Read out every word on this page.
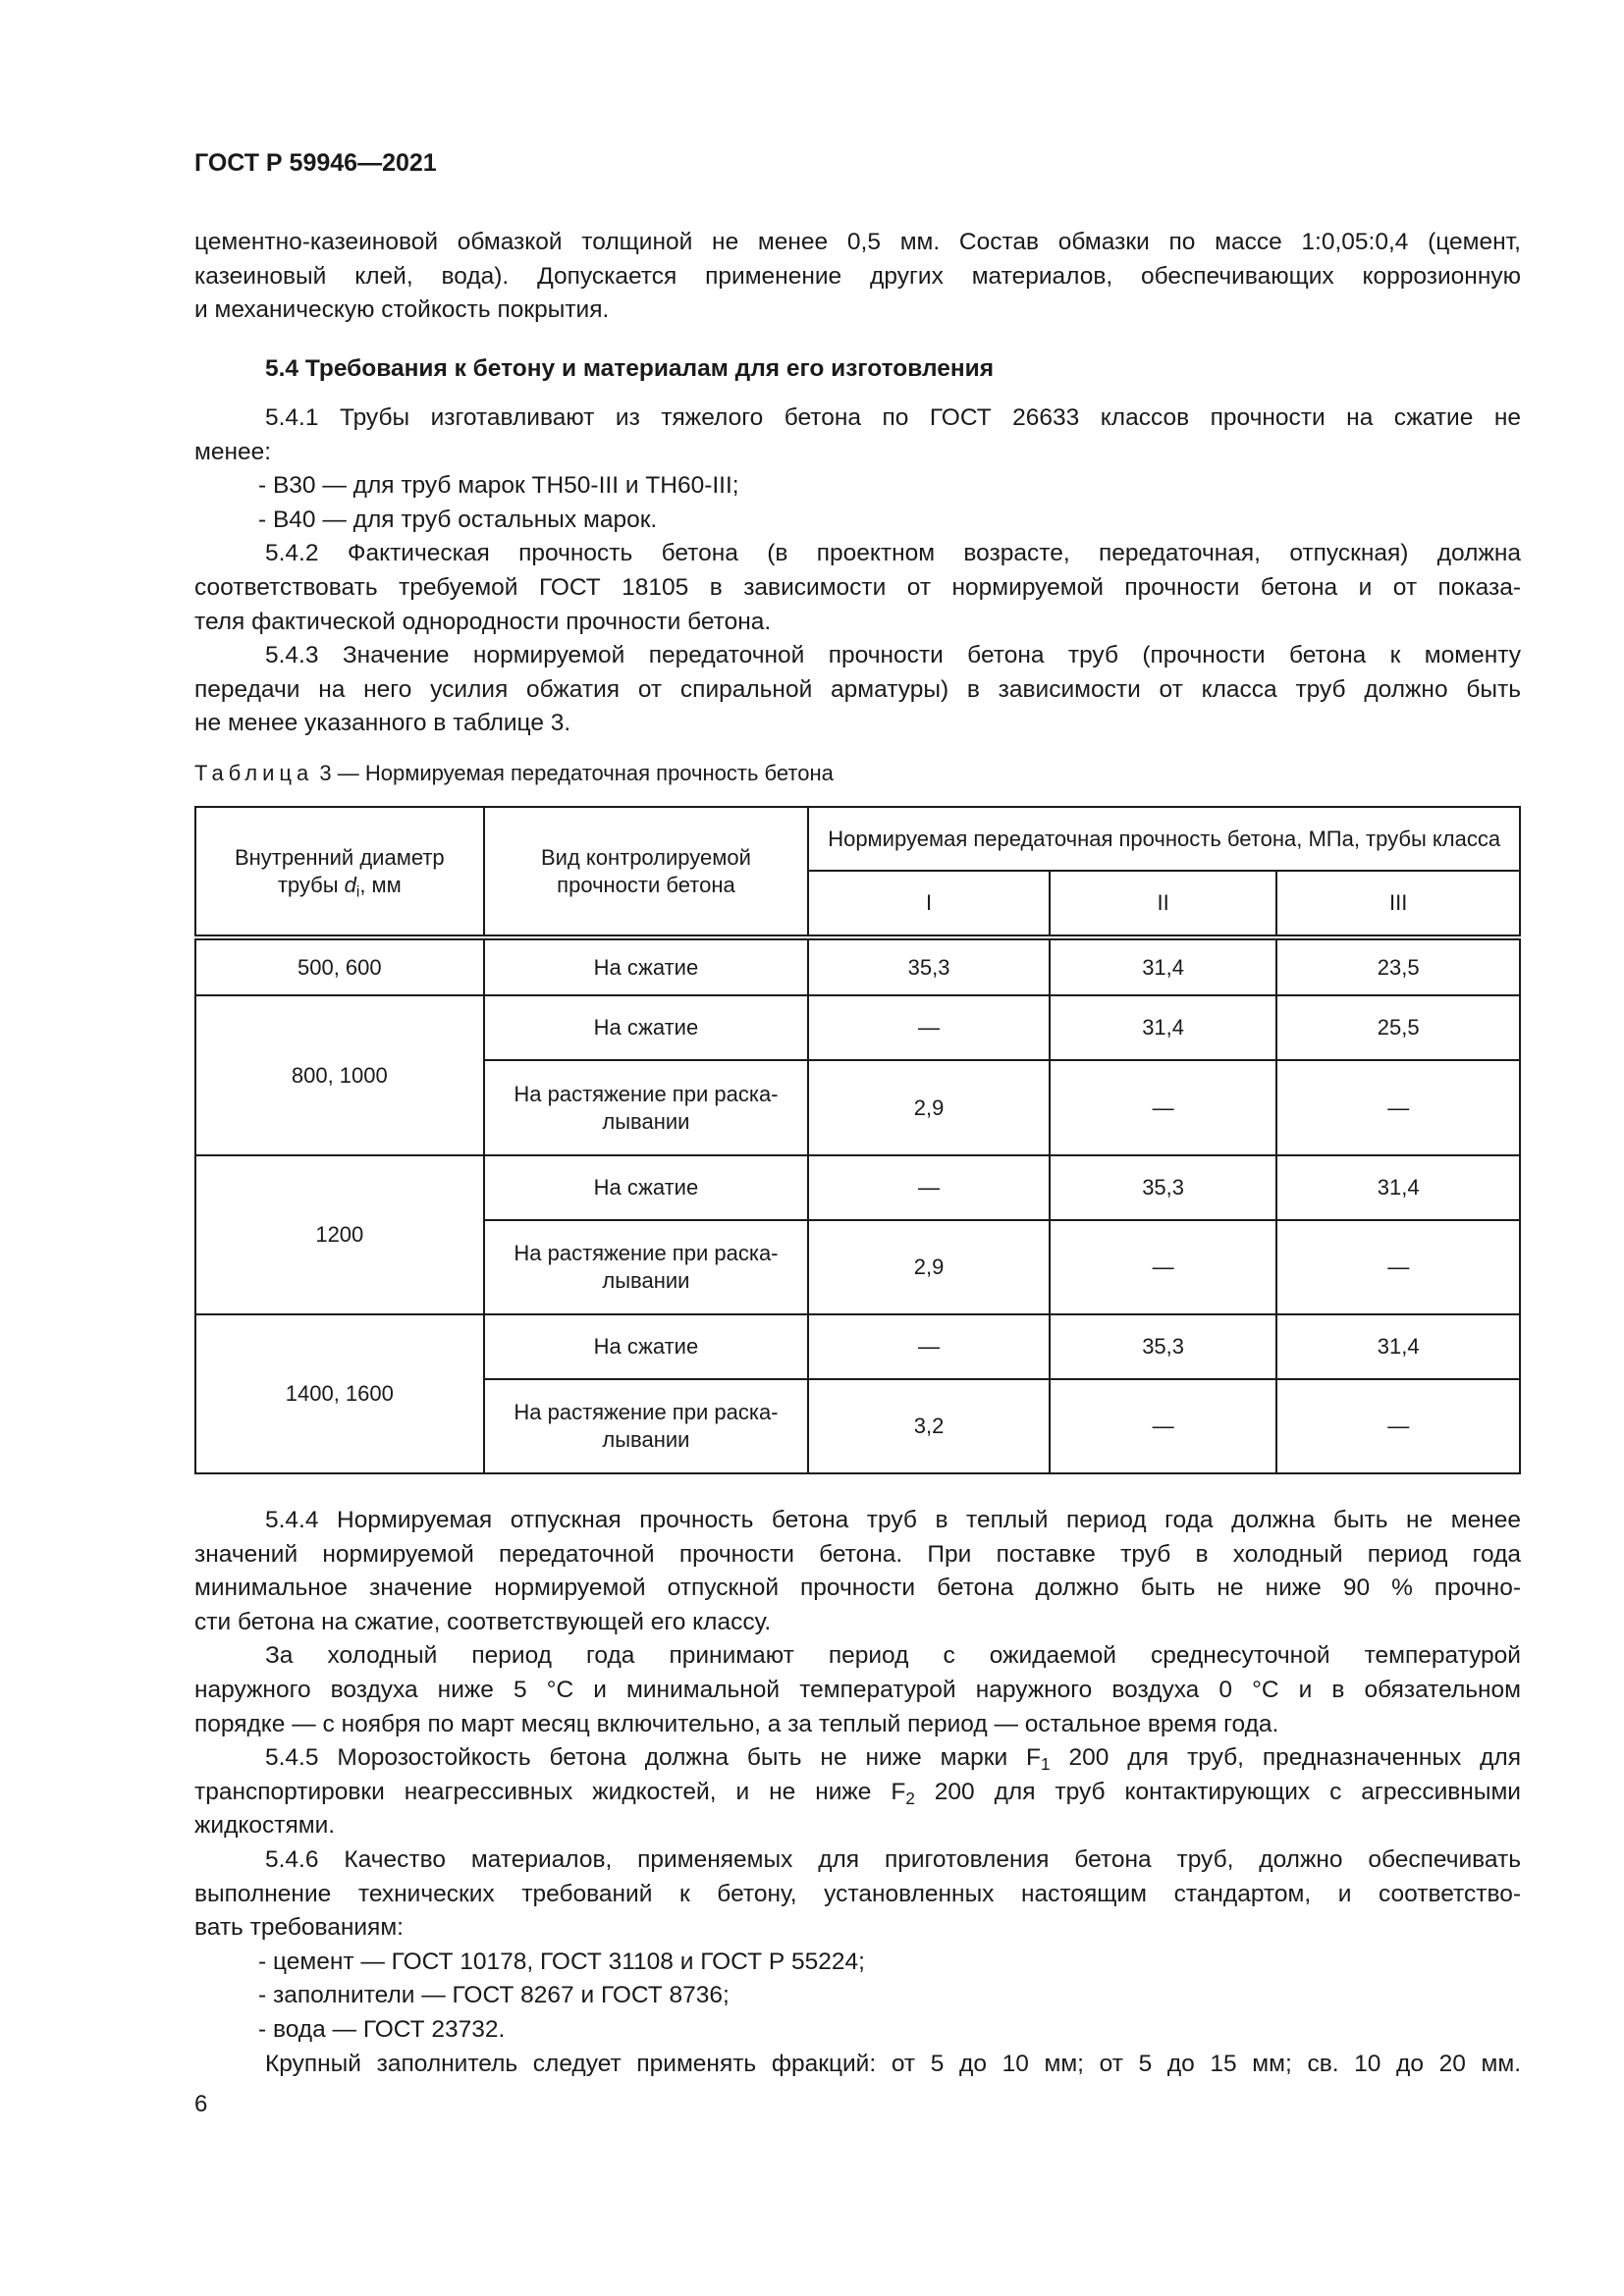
ГОСТ Р 59946—2021
цементно-казеиновой обмазкой толщиной не менее 0,5 мм. Состав обмазки по массе 1:0,05:0,4 (цемент,
казеиновый клей, вода). Допускается применение других материалов, обеспечивающих коррозионную
и механическую стойкость покрытия.
5.4 Требования к бетону и материалам для его изготовления
5.4.1 Трубы изготавливают из тяжелого бетона по ГОСТ 26633 классов прочности на сжатие не
менее:
- В30 — для труб марок ТН50-III и ТН60-III;
- В40 — для труб остальных марок.
5.4.2 Фактическая прочность бетона (в проектном возрасте, передаточная, отпускная) должна
соответствовать требуемой ГОСТ 18105 в зависимости от нормируемой прочности бетона и от показа-
теля фактической однородности прочности бетона.
5.4.3 Значение нормируемой передаточной прочности бетона труб (прочности бетона к моменту
передачи на него усилия обжатия от спиральной арматуры) в зависимости от класса труб должно быть
не менее указанного в таблице 3.
Таблица 3 — Нормируемая передаточная прочность бетона
Внутренний диаметр трубы $d_i$, мм	Вид контролируемой прочности бетона	Нормируемая передаточная прочность бетона, МПа, трубы класса		
		I	II	III
500, 600	На сжатие	35,3	31,4	23,5
800, 1000	На сжатие	—	31,4	25,5
	На растяжение при раска-лывании	2,9	—	—
1200	На сжатие	—	35,3	31,4
	На растяжение при раска-лывании	2,9	—	—
1400, 1600	На сжатие	—	35,3	31,4
	На растяжение при раска-лывании	3,2	—	—
5.4.4 Нормируемая отпускная прочность бетона труб в теплый период года должна быть не менее
значений нормируемой передаточной прочности бетона. При поставке труб в холодный период года
минимальное значение нормируемой отпускной прочности бетона должно быть не ниже 90 % прочно-
сти бетона на сжатие, соответствующей его классу.
За холодный период года принимают период с ожидаемой среднесуточной температурой
наружного воздуха ниже 5 °С и минимальной температурой наружного воздуха 0 °С и в обязательном
порядке — с ноября по март месяц включительно, а за теплый период — остальное время года.
5.4.5 Морозостойкость бетона должна быть не ниже марки $F_1$ 200 для труб, предназначенных для
транспортировки неагрессивных жидкостей, и не ниже $F_2$ 200 для труб контактирующих с агрессивными
жидкостями.
5.4.6 Качество материалов, применяемых для приготовления бетона труб, должно обеспечивать
выполнение технических требований к бетону, установленных настоящим стандартом, и соответство-
вать требованиям:
- цемент — ГОСТ 10178, ГОСТ 31108 и ГОСТ Р 55224;
- заполнители — ГОСТ 8267 и ГОСТ 8736;
- вода — ГОСТ 23732.
Крупный заполнитель следует применять фракций: от 5 до 10 мм; от 5 до 15 мм; св. 10 до 20 мм.
6
